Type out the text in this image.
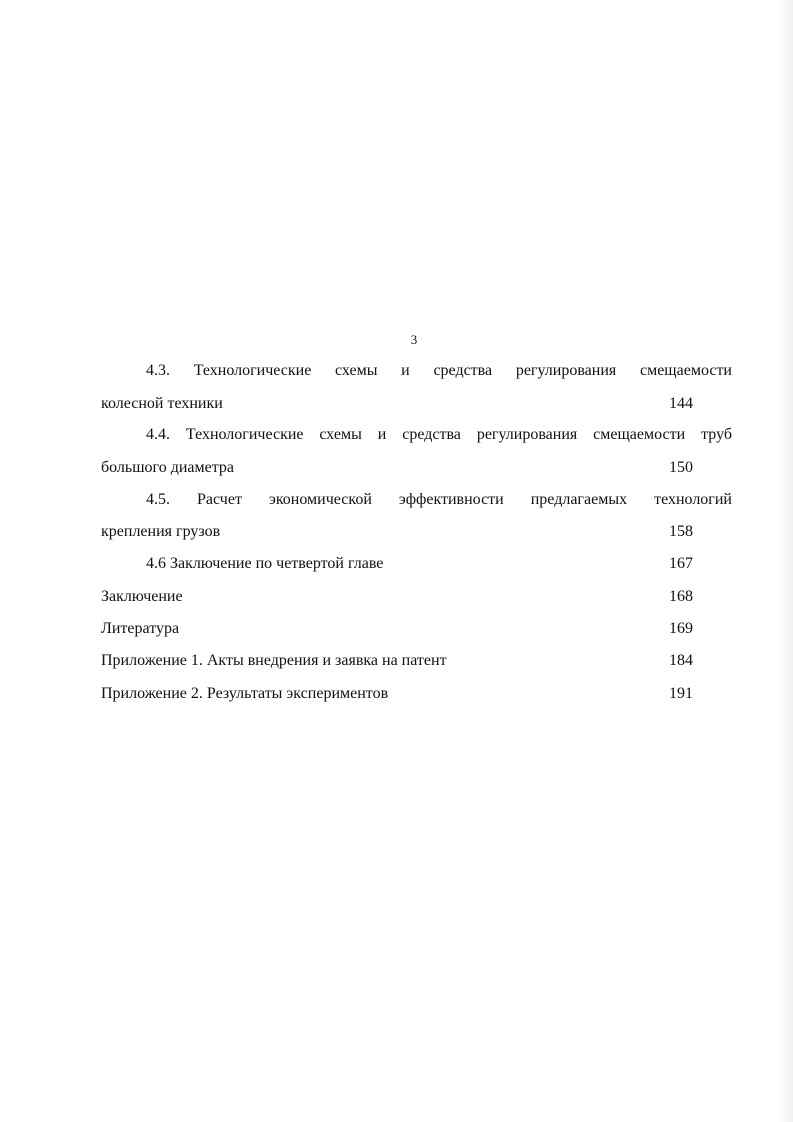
3
4.3. Технологические схемы и средства регулирования смещаемости
колесной техники	144
4.4. Технологические схемы и средства регулирования смещаемости труб
большого диаметра	150
4.5. Расчет экономической эффективности предлагаемых технологий
крепления грузов	158
4.6 Заключение по четвертой главе	167
Заключение	168
Литература	169
Приложение 1. Акты внедрения и заявка на патент	184
Приложение 2. Результаты экспериментов	191
